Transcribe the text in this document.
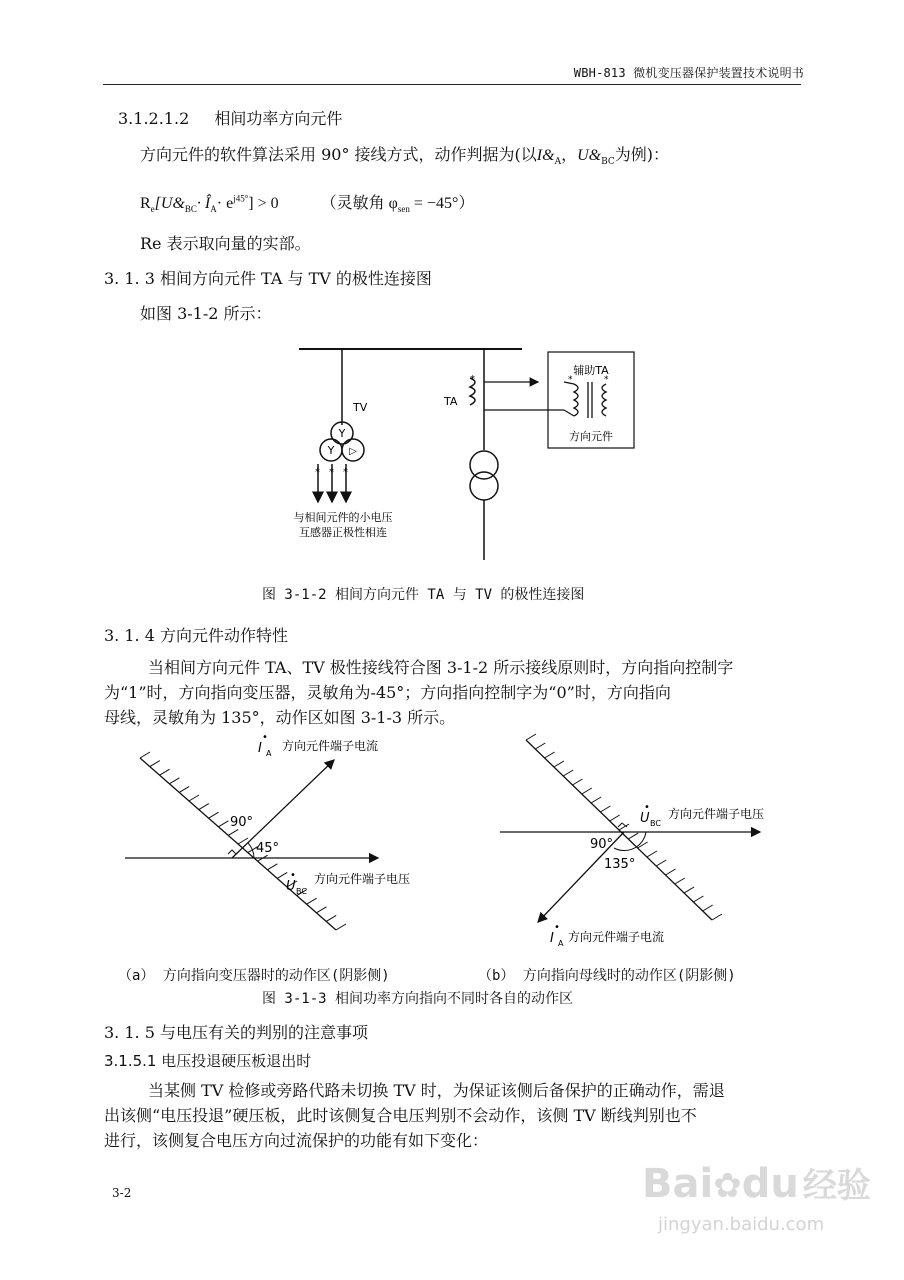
WBH-813 微机变压器保护装置技术说明书
3.1.2.1.2 相间功率方向元件
方向元件的软件算法采用 90° 接线方式，动作判据为(以$I\&_A$，$U\&_{BC}$为例)：
$R_e[U\&_{BC}\cdot$ $Î_A\cdot e^{j45^\circ}] > 0$	（灵敏角 $\varphi_{sen} = -45^\circ$）
Re 表示取向量的实部。
3. 1. 3 相间方向元件 TA 与 TV 的极性连接图
如图 3-1-2 所示：
Y
Y ▷
TV
* * *
与相间元件的小电压
互感器正极性相连
TA
*
辅助TA
*	*
方向元件
图 3-1-2 相间方向元件 TA 与 TV 的极性连接图
3. 1. 4 方向元件动作特性
当相间方向元件 TA、TV 极性接线符合图 3-1-2 所示接线原则时，方向指向控制字
为“1”时，方向指向变压器，灵敏角为-45°；方向指向控制字为“0”时，方向指向
母线，灵敏角为 135°，动作区如图 3-1-3 所示。
I A
•
方向元件端子电流
90°
45°
U BC
• 方向元件端子电压
U BC
• 方向元件端子电压
90°
135°
I A
•
方向元件端子电流
（a） 方向指向变压器时的动作区(阴影侧)	（b） 方向指向母线时的动作区(阴影侧)
图 3-1-3 相间功率方向指向不同时各自的动作区
3. 1. 5 与电压有关的判别的注意事项
3.1.5.1 电压投退硬压板退出时
当某侧 TV 检修或旁路代路未切换 TV 时，为保证该侧后备保护的正确动作，需退
出该侧“电压投退”硬压板，此时该侧复合电压判别不会动作，该侧 TV 断线判别也不
进行，该侧复合电压方向过流保护的功能有如下变化：
3-2	Bai✿du 经验
jingyan.baidu.com
